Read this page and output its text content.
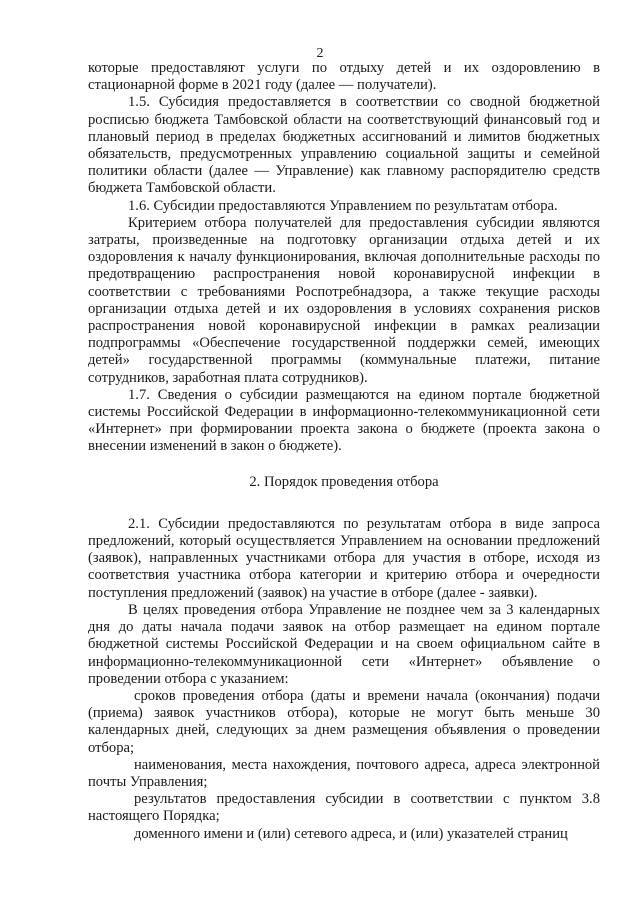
2

которые предоставляют услуги по отдыху детей и их оздоровлению в стационарной форме в 2021 году (далее — получатели).

1.5. Субсидия предоставляется в соответствии со сводной бюджетной росписью бюджета Тамбовской области на соответствующий финансовый год и плановый период в пределах бюджетных ассигнований и лимитов бюджетных обязательств, предусмотренных управлению социальной защиты и семейной политики области (далее — Управление) как главному распорядителю средств бюджета Тамбовской области.

1.6. Субсидии предоставляются Управлением по результатам отбора.

Критерием отбора получателей для предоставления субсидии являются затраты, произведенные на подготовку организации отдыха детей и их оздоровления к началу функционирования, включая дополнительные расходы по предотвращению распространения новой коронавирусной инфекции в соответствии с требованиями Роспотребнадзора, а также текущие расходы организации отдыха детей и их оздоровления в условиях сохранения рисков распространения новой коронавирусной инфекции в рамках реализации подпрограммы «Обеспечение государственной поддержки семей, имеющих детей» государственной программы (коммунальные платежи, питание сотрудников, заработная плата сотрудников).

1.7. Сведения о субсидии размещаются на едином портале бюджетной системы Российской Федерации в информационно-телекоммуникационной сети «Интернет» при формировании проекта закона о бюджете (проекта закона о внесении изменений в закон о бюджете).

2. Порядок проведения отбора

2.1. Субсидии предоставляются по результатам отбора в виде запроса предложений, который осуществляется Управлением на основании предложений (заявок), направленных участниками отбора для участия в отборе, исходя из соответствия участника отбора категории и критерию отбора и очередности поступления предложений (заявок) на участие в отборе (далее - заявки).

В целях проведения отбора Управление не позднее чем за 3 календарных дня до даты начала подачи заявок на отбор размещает на едином портале бюджетной системы Российской Федерации и на своем официальном сайте в информационно-телекоммуникационной сети «Интернет» объявление о проведении отбора с указанием:

сроков проведения отбора (даты и времени начала (окончания) подачи (приема) заявок участников отбора), которые не могут быть меньше 30 календарных дней, следующих за днем размещения объявления о проведении отбора;

наименования, места нахождения, почтового адреса, адреса электронной почты Управления;

результатов предоставления субсидии в соответствии с пунктом 3.8 настоящего Порядка;

доменного имени и (или) сетевого адреса, и (или) указателей страниц
